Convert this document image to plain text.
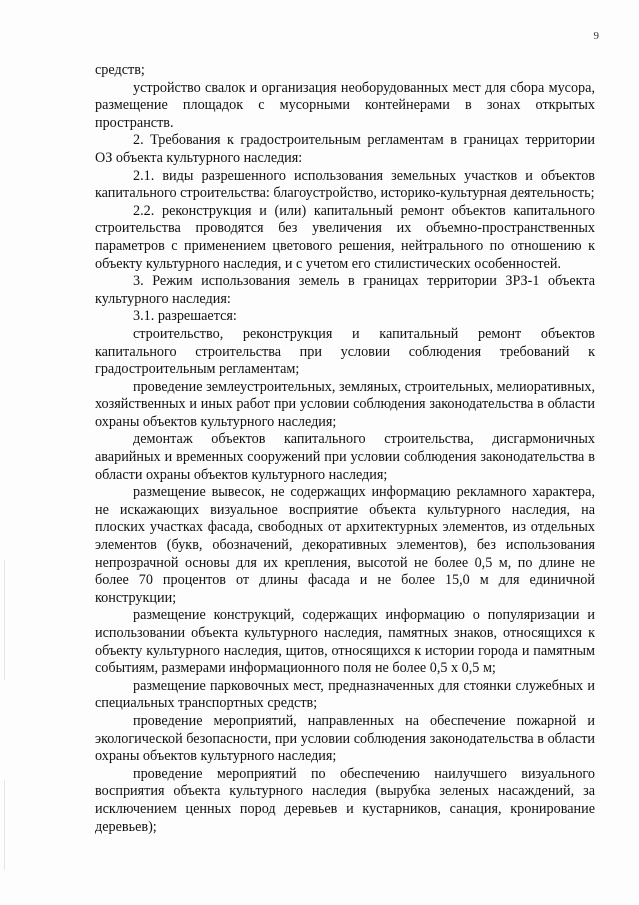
9

средств;

устройство свалок и организация необорудованных мест для сбора мусора, размещение площадок с мусорными контейнерами в зонах открытых пространств.

2. Требования к градостроительным регламентам в границах территории ОЗ объекта культурного наследия:

2.1. виды разрешенного использования земельных участков и объектов капитального строительства: благоустройство, историко-культурная деятельность;

2.2. реконструкция и (или) капитальный ремонт объектов капитального строительства проводятся без увеличения их объемно-пространственных параметров с применением цветового решения, нейтрального по отношению к объекту культурного наследия, и с учетом его стилистических особенностей.

3. Режим использования земель в границах территории ЗРЗ-1 объекта культурного наследия:

3.1. разрешается:

строительство, реконструкция и капитальный ремонт объектов капитального строительства при условии соблюдения требований к градостроительным регламентам;

проведение землеустроительных, земляных, строительных, мелиоративных, хозяйственных и иных работ при условии соблюдения законодательства в области охраны объектов культурного наследия;

демонтаж объектов капитального строительства, дисгармоничных аварийных и временных сооружений при условии соблюдения законодательства в области охраны объектов культурного наследия;

размещение вывесок, не содержащих информацию рекламного характера, не искажающих визуальное восприятие объекта культурного наследия, на плоских участках фасада, свободных от архитектурных элементов, из отдельных элементов (букв, обозначений, декоративных элементов), без использования непрозрачной основы для их крепления, высотой не более 0,5 м, по длине не более 70 процентов от длины фасада и не более 15,0 м для единичной конструкции;

размещение конструкций, содержащих информацию о популяризации и использовании объекта культурного наследия, памятных знаков, относящихся к объекту культурного наследия, щитов, относящихся к истории города и памятным событиям, размерами информационного поля не более 0,5 х 0,5 м;

размещение парковочных мест, предназначенных для стоянки служебных и специальных транспортных средств;

проведение мероприятий, направленных на обеспечение пожарной и экологической безопасности, при условии соблюдения законодательства в области охраны объектов культурного наследия;

проведение мероприятий по обеспечению наилучшего визуального восприятия объекта культурного наследия (вырубка зеленых насаждений, за исключением ценных пород деревьев и кустарников, санация, кронирование деревьев);
